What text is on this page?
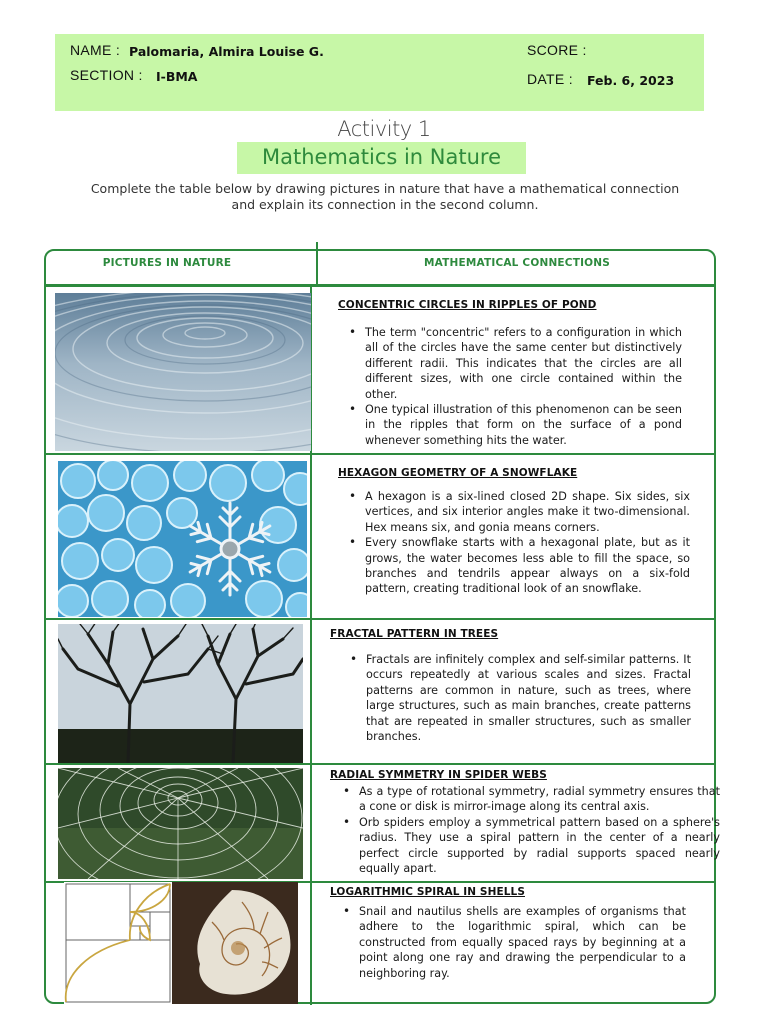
NAME : Palomaria, Almira Louise G.
SECTION : I-BMA
SCORE :
DATE : Feb. 6, 2023
Activity 1
Mathematics in Nature
Complete the table below by drawing pictures in nature that have a mathematical connection and explain its connection in the second column.
PICTURES IN NATURE	MATHEMATICAL CONNECTIONS
CONCENTRIC CIRCLES IN RIPPLES OF POND
• The term "concentric" refers to a configuration in which all of the circles have the same center but distinctively different radii. This indicates that the circles are all different sizes, with one circle contained within the other.
• One typical illustration of this phenomenon can be seen in the ripples that form on the surface of a pond whenever something hits the water.
HEXAGON GEOMETRY OF A SNOWFLAKE
• A hexagon is a six-lined closed 2D shape. Six sides, six vertices, and six interior angles make it two-dimensional. Hex means six, and gonia means corners.
• Every snowflake starts with a hexagonal plate, but as it grows, the water becomes less able to fill the space, so branches and tendrils appear always on a six-fold pattern, creating traditional look of an snowflake.
FRACTAL PATTERN IN TREES
• Fractals are infinitely complex and self-similar patterns. It occurs repeatedly at various scales and sizes. Fractal patterns are common in nature, such as trees, where large structures, such as main branches, create patterns that are repeated in smaller structures, such as smaller branches.
RADIAL SYMMETRY IN SPIDER WEBS
• As a type of rotational symmetry, radial symmetry ensures that a cone or disk is mirror-image along its central axis.
• Orb spiders employ a symmetrical pattern based on a sphere's radius. They use a spiral pattern in the center of a nearly perfect circle supported by radial supports spaced nearly equally apart.
LOGARITHMIC SPIRAL IN SHELLS
• Snail and nautilus shells are examples of organisms that adhere to the logarithmic spiral, which can be constructed from equally spaced rays by beginning at a point along one ray and drawing the perpendicular to a neighboring ray.
